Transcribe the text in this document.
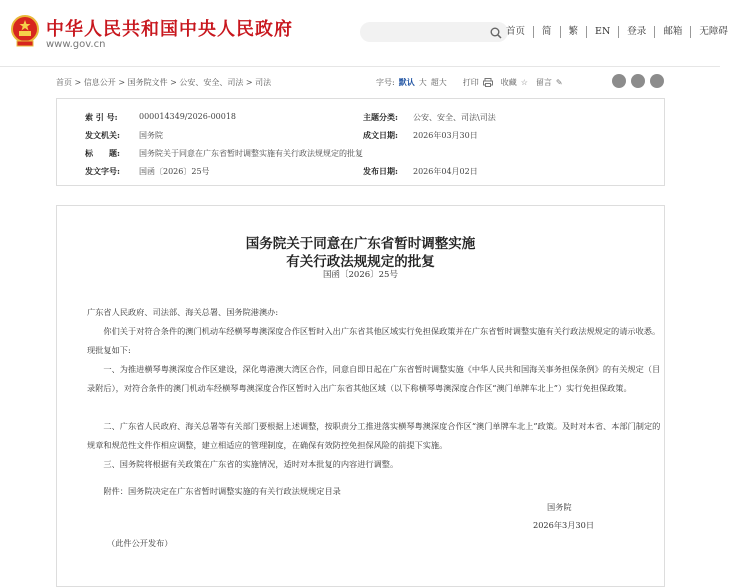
中华人民共和国中央人民政府
www.gov.cn
首页	简	繁	EN	登录	邮箱	无障碍
首页 > 信息公开 > 国务院文件 > 公安、安全、司法 > 司法	字号: 默认 大 超大 打印	收藏 ☆ 留言 ✎
索 引 号:	000014349/2026-00018	主题分类: 公安、安全、司法\司法
发文机关: 国务院	成文日期: 2026年03月30日
标　　题: 国务院关于同意在广东省暂时调整实施有关行政法规规定的批复
发文字号: 国函〔2026〕25号	发布日期: 2026年04月02日
国务院关于同意在广东省暂时调整实施
有关行政法规规定的批复
国函〔2026〕25号
广东省人民政府、司法部、海关总署、国务院港澳办:
你们关于对符合条件的澳门机动车经横琴粤澳深度合作区暂时入出广东省其他区域实行免担保政策并在广东省暂时调整实施有关行政法规规定的请示收悉。现批复如下:
一、为推进横琴粤澳深度合作区建设，深化粤港澳大湾区合作，同意自即日起在广东省暂时调整实施《中华人民共和国海关事务担保条例》的有关规定（目录附后），对符合条件的澳门机动车经横琴粤澳深度合作区暂时入出广东省其他区域（以下称横琴粤澳深度合作区“澳门单牌车北上”）实行免担保政策。
二、广东省人民政府、海关总署等有关部门要根据上述调整，按职责分工推进落实横琴粤澳深度合作区“澳门单牌车北上”政策。及时对本省、本部门制定的规章和规范性文件作相应调整，建立相适应的管理制度，在确保有效防控免担保风险的前提下实施。
三、国务院将根据有关政策在广东省的实施情况，适时对本批复的内容进行调整。
附件：国务院决定在广东省暂时调整实施的有关行政法规规定目录
国务院
2026年3月30日
（此件公开发布）
